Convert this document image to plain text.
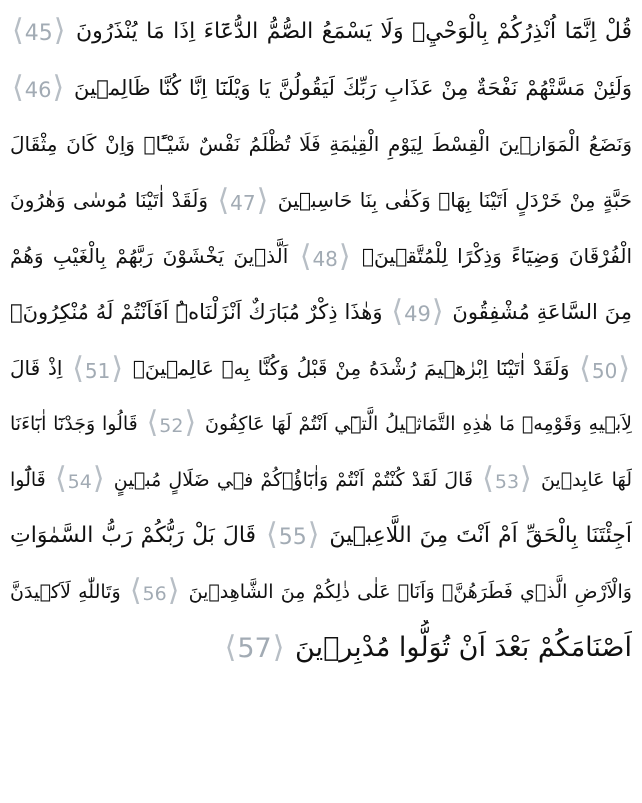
قُلْ اِنَّمَٓا اُنْذِرُكُمْ بِالْوَحْيِۘ وَلَا يَسْمَعُ الصُّمُّ الدُّعَٓاءَ اِذَا مَا يُنْذَرُونَ ⟨45⟩
وَلَئِنْ مَسَّتْهُمْ نَفْحَةٌ مِنْ عَذَابِ رَبِّكَ لَيَقُولُنَّ يَا وَيْلَنَٓا اِنَّا كُنَّا ظَالِم۪ينَ ⟨46⟩
وَنَضَعُ الْمَوَاز۪ينَ الْقِسْطَ لِيَوْمِ الْقِيٰمَةِ فَلَا تُظْلَمُ نَفْسٌ شَيْـًٔاۜ وَاِنْ كَانَ مِثْقَالَ
حَبَّةٍ مِنْ خَرْدَلٍ اَتَيْنَا بِهَاۜ وَكَفٰى بِنَا حَاسِب۪ينَ ⟨47⟩ وَلَقَدْ اٰتَيْنَا مُوسٰى وَهٰرُونَ
الْفُرْقَانَ وَضِيَٓاءً وَذِكْرًا لِلْمُتَّق۪ينَۙ ⟨48⟩ اَلَّذ۪ينَ يَخْشَوْنَ رَبَّهُمْ بِالْغَيْبِ وَهُمْ
مِنَ السَّاعَةِ مُشْفِقُونَ ⟨49⟩ وَهٰذَا ذِكْرٌ مُبَارَكٌ اَنْزَلْنَاهُۜ اَفَاَنْتُمْ لَهُ مُنْكِرُونَ۟
⟨50⟩ وَلَقَدْ اٰتَيْنَٓا اِبْرٰه۪يمَ رُشْدَهُ مِنْ قَبْلُ وَكُنَّا بِه۪ عَالِم۪ينَۚ ⟨51⟩ اِذْ قَالَ
لِاَب۪يهِ وَقَوْمِه۪ مَا هٰذِهِ التَّمَاث۪يلُ الَّت۪ٓي اَنْتُمْ لَهَا عَاكِفُونَ ⟨52⟩ قَالُوا وَجَدْنَٓا اٰبَٓاءَنَا
لَهَا عَابِد۪ينَ ⟨53⟩ قَالَ لَقَدْ كُنْتُمْ اَنْتُمْ وَاٰبَٓاؤُ۬كُمْ ف۪ي ضَلَالٍ مُب۪ينٍ ⟨54⟩ قَالُٓوا
اَجِئْتَنَا بِالْحَقِّ اَمْ اَنْتَ مِنَ اللَّاعِب۪ينَ ⟨55⟩ قَالَ بَلْ رَبُّكُمْ رَبُّ السَّمٰوَاتِ
وَالْاَرْضِ الَّذ۪ي فَطَرَهُنَّۘ وَاَنَا۬ عَلٰى ذٰلِكُمْ مِنَ الشَّاهِد۪ينَ ⟨56⟩ وَتَاللّٰهِ لَاَك۪يدَنَّ
اَصْنَامَكُمْ بَعْدَ اَنْ تُوَلُّوا مُدْبِر۪ينَ ⟨57⟩
